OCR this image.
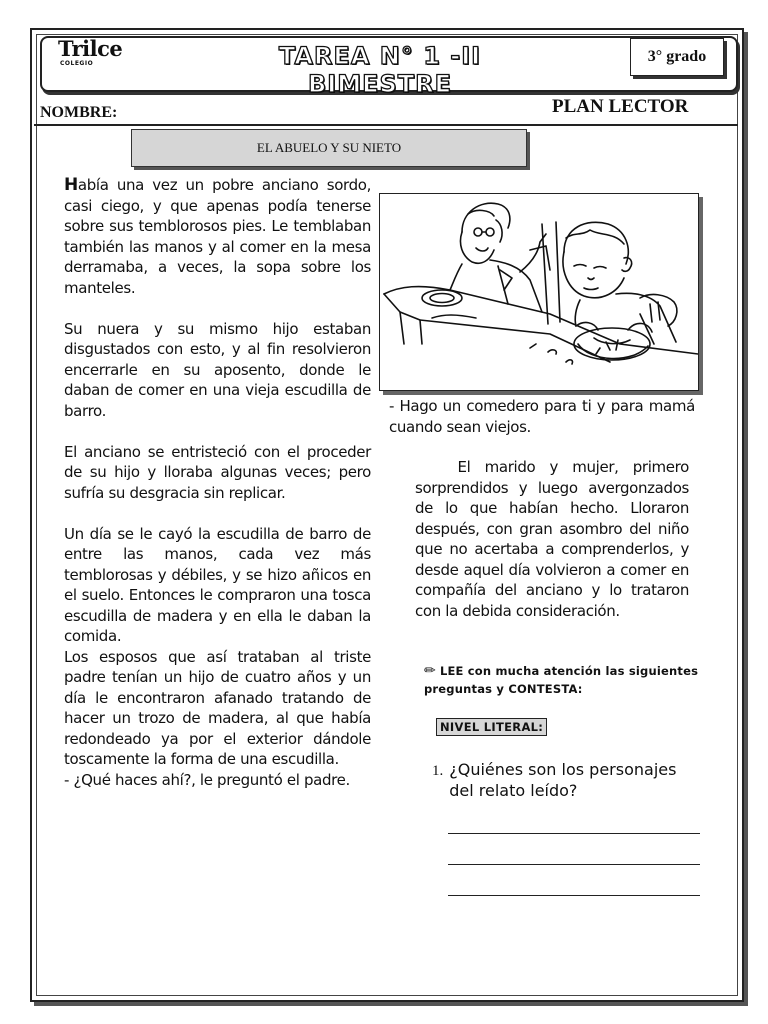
Trilce
COLEGIO	TAREA N° 1 -II BIMESTRE
3° grado
NOMBRE:	PLAN LECTOR
EL ABUELO Y SU NIETO

Había una vez un pobre anciano sordo, casi ciego, y que apenas podía tenerse sobre sus temblorosos pies. Le temblaban también las manos y al comer en la mesa derramaba, a veces, la sopa sobre los manteles.

Su nuera y su mismo hijo estaban disgustados con esto, y al fin resolvieron encerrarle en su aposento, donde le daban de comer en una vieja escudilla de barro.

El anciano se entristeció con el proceder de su hijo y lloraba algunas veces; pero sufría su desgracia sin replicar.

Un día se le cayó la escudilla de barro de entre las manos, cada vez más temblorosas y débiles, y se hizo añicos en el suelo. Entonces le compraron una tosca escudilla de madera y en ella le daban la comida.

Los esposos que así trataban al triste padre tenían un hijo de cuatro años y un día le encontraron afanado tratando de hacer un trozo de madera, al que había redondeado ya por el exterior dándole toscamente la forma de una escudilla.

- ¿Qué haces ahí?, le preguntó el padre.

- Hago un comedero para ti y para mamá cuando sean viejos.
El marido y mujer, primero sorprendidos y luego avergonzados de lo que habían hecho. Lloraron después, con gran asombro del niño que no acertaba a comprenderlos, y desde aquel día volvieron a comer en compañía del anciano y lo trataron con la debida consideración.
✏ LEE con mucha atención las siguientes preguntas y CONTESTA:
NIVEL LITERAL:
1. ¿Quiénes son los personajes del relato leído?
